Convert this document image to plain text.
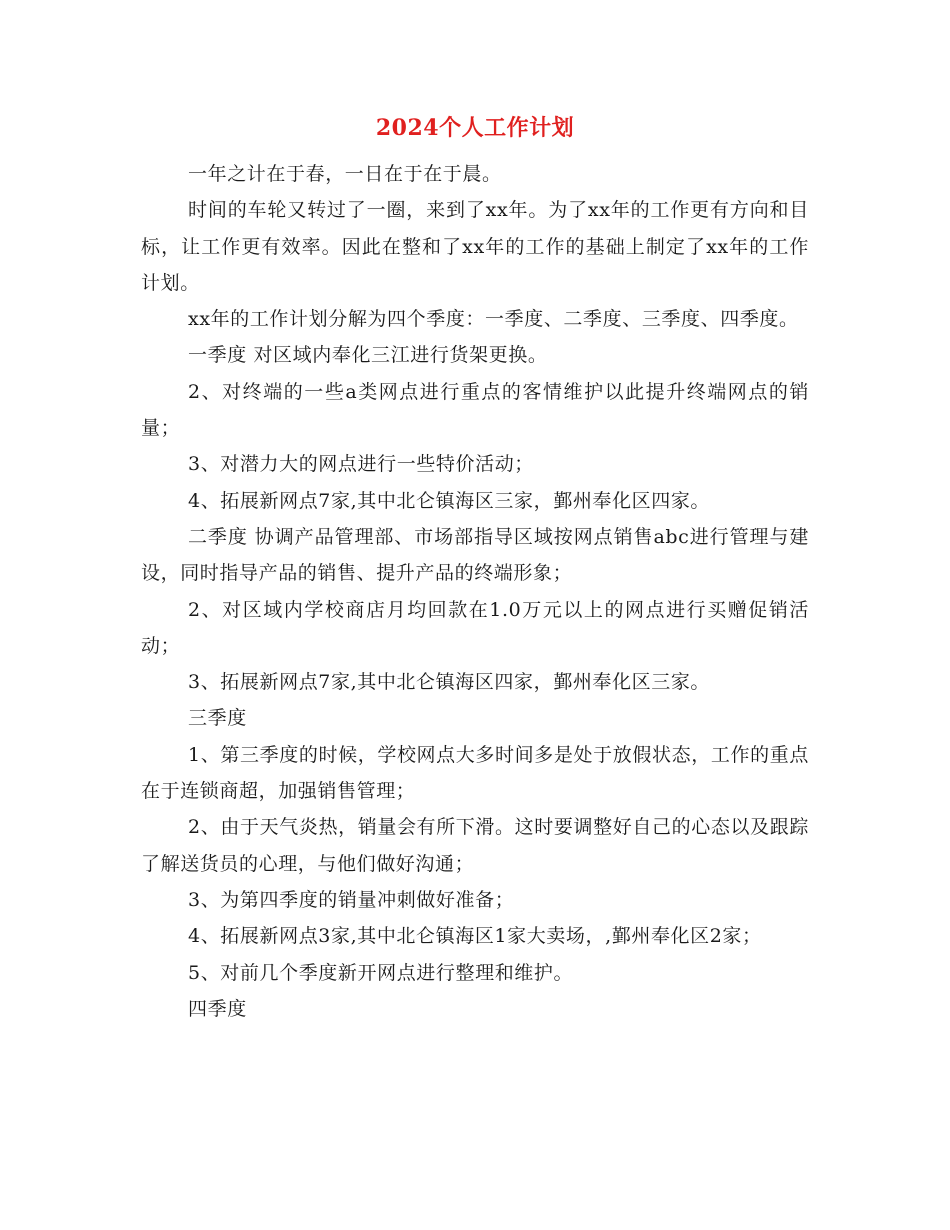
2024个人工作计划

一年之计在于春，一日在于在于晨。

时间的车轮又转过了一圈，来到了xx年。为了xx年的工作更有方向和目标，让工作更有效率。因此在整和了xx年的工作的基础上制定了xx年的工作计划。

xx年的工作计划分解为四个季度：一季度、二季度、三季度、四季度。

一季度 对区域内奉化三江进行货架更换。

2、对终端的一些a类网点进行重点的客情维护以此提升终端网点的销量；

3、对潜力大的网点进行一些特价活动；

4、拓展新网点7家,其中北仑镇海区三家，鄞州奉化区四家。

二季度 协调产品管理部、市场部指导区域按网点销售abc进行管理与建设，同时指导产品的销售、提升产品的终端形象；

2、对区域内学校商店月均回款在1.0万元以上的网点进行买赠促销活动；

3、拓展新网点7家,其中北仑镇海区四家，鄞州奉化区三家。

三季度

1、第三季度的时候，学校网点大多时间多是处于放假状态，工作的重点在于连锁商超，加强销售管理；

2、由于天气炎热，销量会有所下滑。这时要调整好自己的心态以及跟踪了解送货员的心理，与他们做好沟通；

3、为第四季度的销量冲刺做好准备；

4、拓展新网点3家,其中北仑镇海区1家大卖场，,鄞州奉化区2家；

5、对前几个季度新开网点进行整理和维护。

四季度
